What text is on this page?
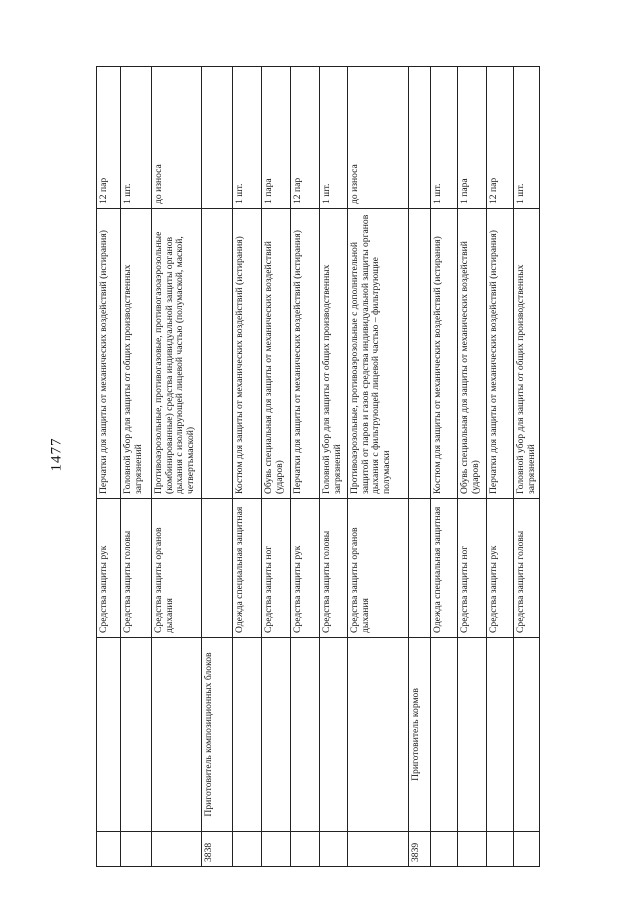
1477
		Средства защиты рук	Перчатки для защиты от механических воздействий (истирания)	12 пар
		Средства защиты головы	Головной убор для защиты от общих производственных загрязнений	1 шт.
		Средства защиты органов дыхания	Противоаэрозольные, противогазовые, противогазоаэрозольные (комбинированные) средства индивидуальной защиты органов дыхания с изолирующей лицевой частью (полумаской, маской, четвертьмаской)	до износа
3838	Приготовитель композиционных блоков			
		Одежда специальная защитная	Костюм для защиты от механических воздействий (истирания)	1 шт.
		Средства защиты ног	Обувь специальная для защиты от механических воздействий (ударов)	1 пара
		Средства защиты рук	Перчатки для защиты от механических воздействий (истирания)	12 пар
		Средства защиты головы	Головной убор для защиты от общих производственных загрязнений	1 шт.
		Средства защиты органов дыхания	Противоаэрозольные, противоаэрозольные с дополнительной защитой от паров и газов средства индивидуальной защиты органов дыхания с фильтрующей лицевой частью – фильтрующие полумаски	до износа
3839	Приготовитель кормов			
		Одежда специальная защитная	Костюм для защиты от механических воздействий (истирания)	1 шт.
		Средства защиты ног	Обувь специальная для защиты от механических воздействий (ударов)	1 пара
		Средства защиты рук	Перчатки для защиты от механических воздействий (истирания)	12 пар
		Средства защиты головы	Головной убор для защиты от общих производственных загрязнений	1 шт.
